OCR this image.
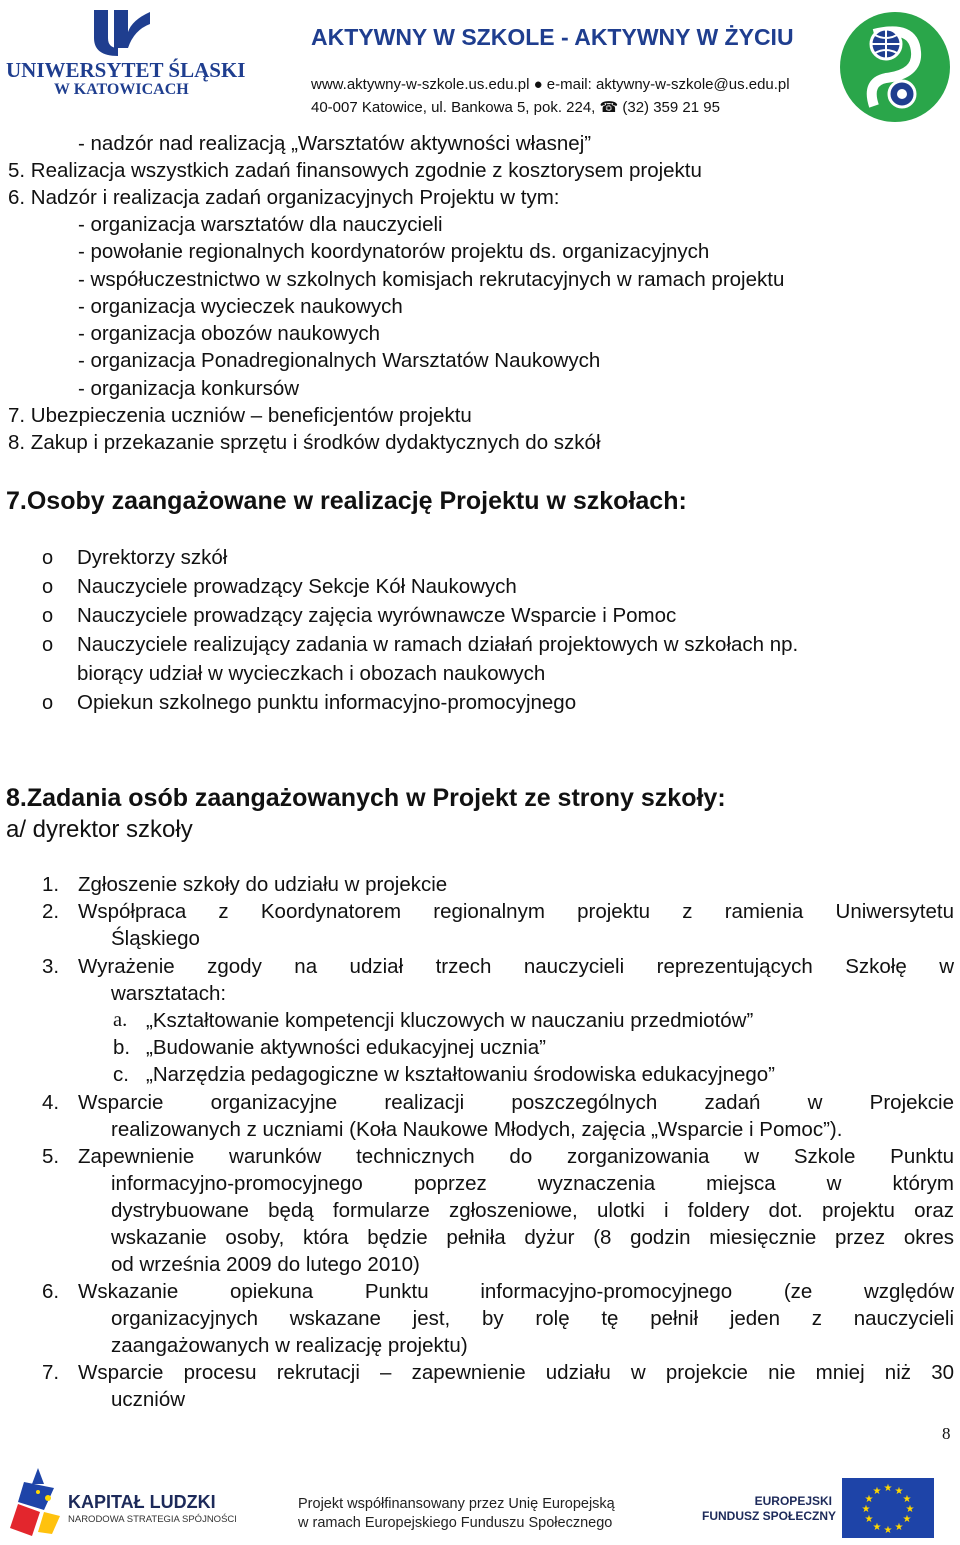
UNIWERSYTET ŚLĄSKI
W KATOWICACH
AKTYWNY W SZKOLE - AKTYWNY W ŻYCIU
www.aktywny-w-szkole.us.edu.pl ● e-mail: aktywny-w-szkole@us.edu.pl
40-007 Katowice, ul. Bankowa 5, pok. 224, ☎ (32) 359 21 95
- nadzór nad realizacją „Warsztatów aktywności własnej”
5. Realizacja wszystkich zadań finansowych zgodnie z kosztorysem projektu
6. Nadzór i realizacja zadań organizacyjnych Projektu w tym:
- organizacja warsztatów dla nauczycieli
- powołanie regionalnych koordynatorów projektu ds. organizacyjnych
- współuczestnictwo w szkolnych komisjach rekrutacyjnych w ramach projektu
- organizacja wycieczek naukowych
- organizacja obozów naukowych
- organizacja Ponadregionalnych Warsztatów Naukowych
- organizacja konkursów
7. Ubezpieczenia uczniów – beneficjentów projektu
8. Zakup i przekazanie sprzętu i środków dydaktycznych do szkół
7.Osoby zaangażowane w realizację Projektu w szkołach:
o Dyrektorzy szkół
o Nauczyciele prowadzący Sekcje Kół Naukowych
o Nauczyciele prowadzący zajęcia wyrównawcze Wsparcie i Pomoc
o Nauczyciele realizujący zadania w ramach działań projektowych w szkołach np.
biorący udział w wycieczkach i obozach naukowych
o Opiekun szkolnego punktu informacyjno-promocyjnego
8.Zadania osób zaangażowanych w Projekt ze strony szkoły:
a/ dyrektor szkoły
1. Zgłoszenie szkoły do udziału w projekcie
2. Współpraca z Koordynatorem regionalnym projektu z ramienia Uniwersytetu
Śląskiego
3. Wyrażenie zgody na udział trzech nauczycieli reprezentujących Szkołę w
warsztatach:
a. „Kształtowanie kompetencji kluczowych w nauczaniu przedmiotów”
b. „Budowanie aktywności edukacyjnej ucznia”
c. „Narzędzia pedagogiczne w kształtowaniu środowiska edukacyjnego”
4. Wsparcie organizacyjne realizacji poszczególnych zadań w Projekcie
realizowanych z uczniami (Koła Naukowe Młodych, zajęcia „Wsparcie i Pomoc”).
5. Zapewnienie warunków technicznych do zorganizowania w Szkole Punktu
informacyjno-promocyjnego poprzez wyznaczenia miejsca w którym
dystrybuowane będą formularze zgłoszeniowe, ulotki i foldery dot. projektu oraz
wskazanie osoby, która będzie pełniła dyżur (8 godzin miesięcznie przez okres
od września 2009 do lutego 2010)
6. Wskazanie opiekuna Punktu informacyjno-promocyjnego (ze względów
organizacyjnych wskazane jest, by rolę tę pełnił jeden z nauczycieli
zaangażowanych w realizację projektu)
7. Wsparcie procesu rekrutacji – zapewnienie udziału w projekcie nie mniej niż 30
uczniów
8
KAPITAŁ LUDZKI
NARODOWA STRATEGIA SPÓJNOŚCI
Projekt współfinansowany przez Unię Europejską
w ramach Europejskiego Funduszu Społecznego
EUROPEJSKI
FUNDUSZ SPOŁECZNY
★ ★
★
★
★
★
★
★
★
★
★
★
